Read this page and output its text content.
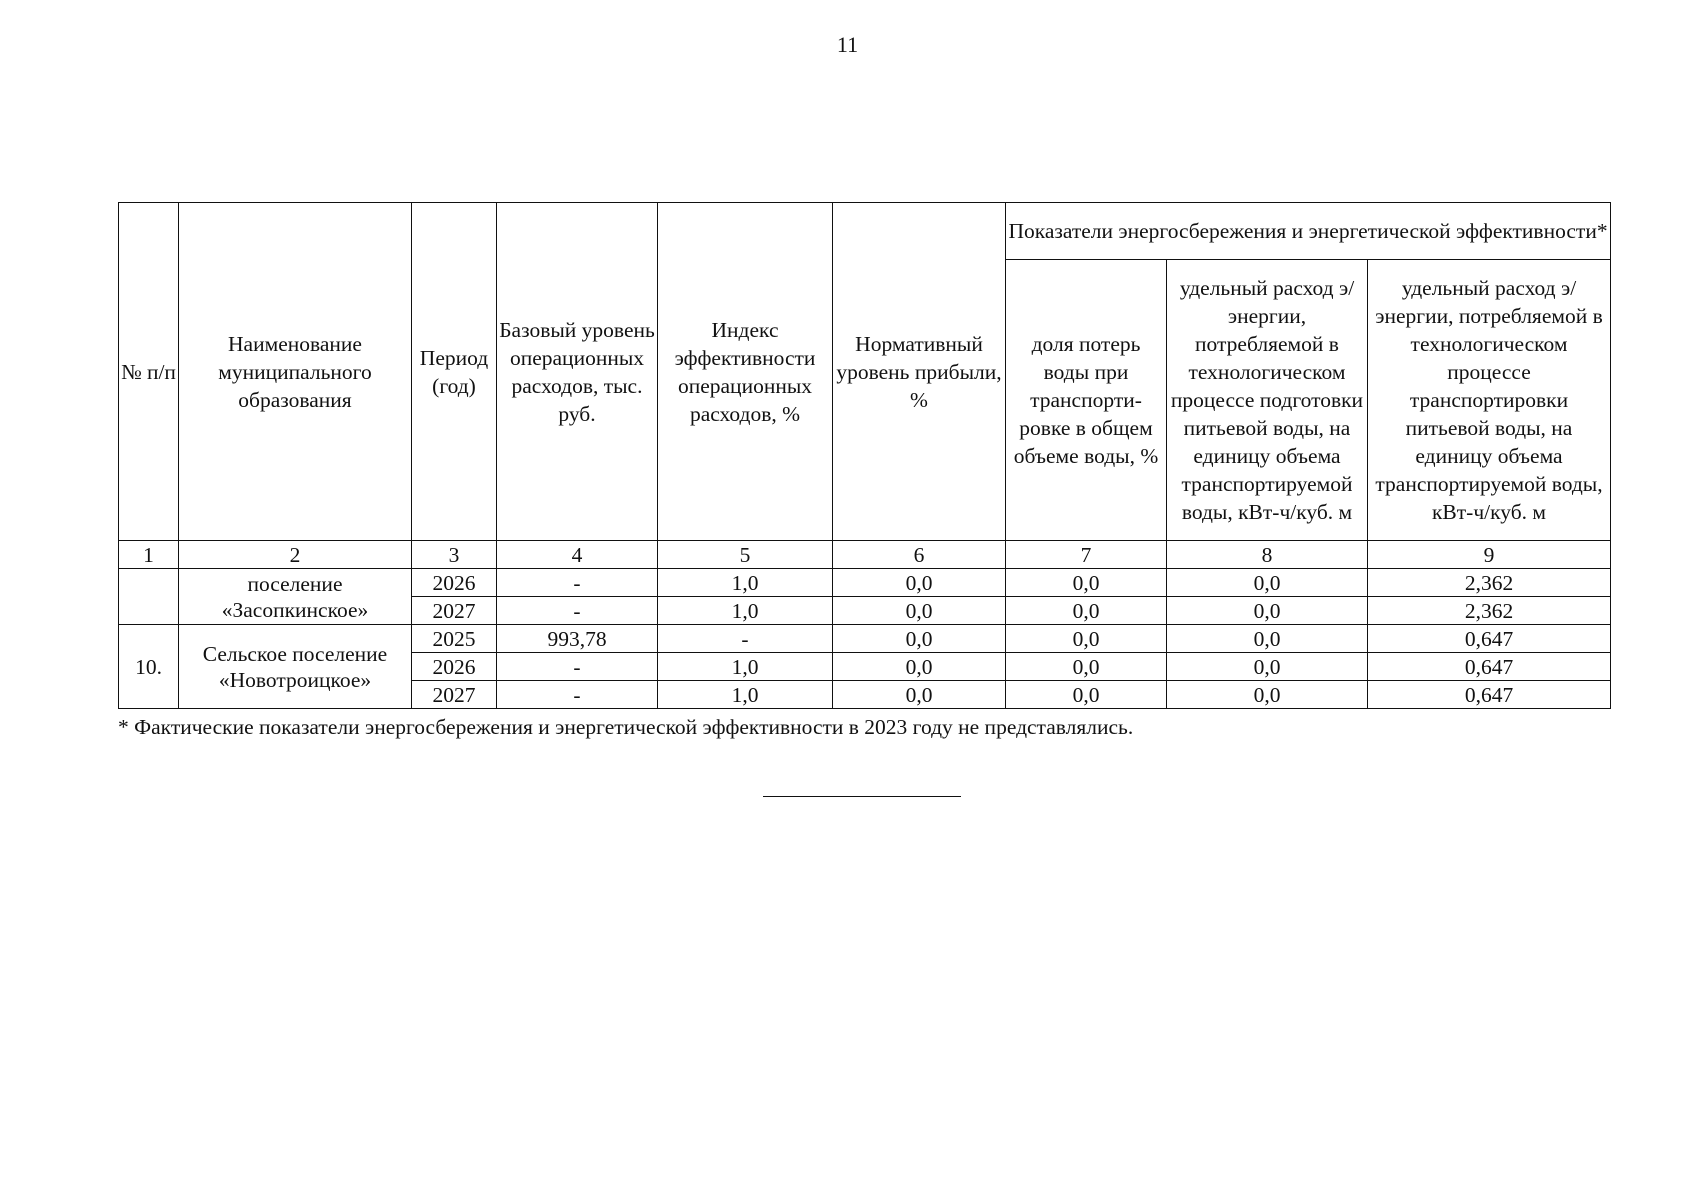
11
№ п/п	Наименование муниципального образования	Период (год)	Базовый уровень операционных расходов, тыс. руб.	Индекс эффективности операционных расходов, %	Нормативный уровень прибыли, %	Показатели энергосбережения и энергетической эффективности*		
						доля потерь воды при транспорти-ровке в общем объеме воды, %	удельный расход э/энергии, потребляемой в технологическом процессе подготовки питьевой воды, на единицу объема транспортируемой воды, кВт-ч/куб. м	удельный расход э/энергии, потребляемой в технологическом процессе транспортировки питьевой воды, на единицу объема транспортируемой воды, кВт-ч/куб. м
1	2	3	4	5	6	7	8	9
	поселение «Засопкинское»	2026	-	1,0	0,0	0,0	0,0	2,362
		2027	-	1,0	0,0	0,0	0,0	2,362
10.	Сельское поселение «Новотроицкое»	2025	993,78	-	0,0	0,0	0,0	0,647
		2026	-	1,0	0,0	0,0	0,0	0,647
		2027	-	1,0	0,0	0,0	0,0	0,647
* Фактические показатели энергосбережения и энергетической эффективности в 2023 году не представлялись.
